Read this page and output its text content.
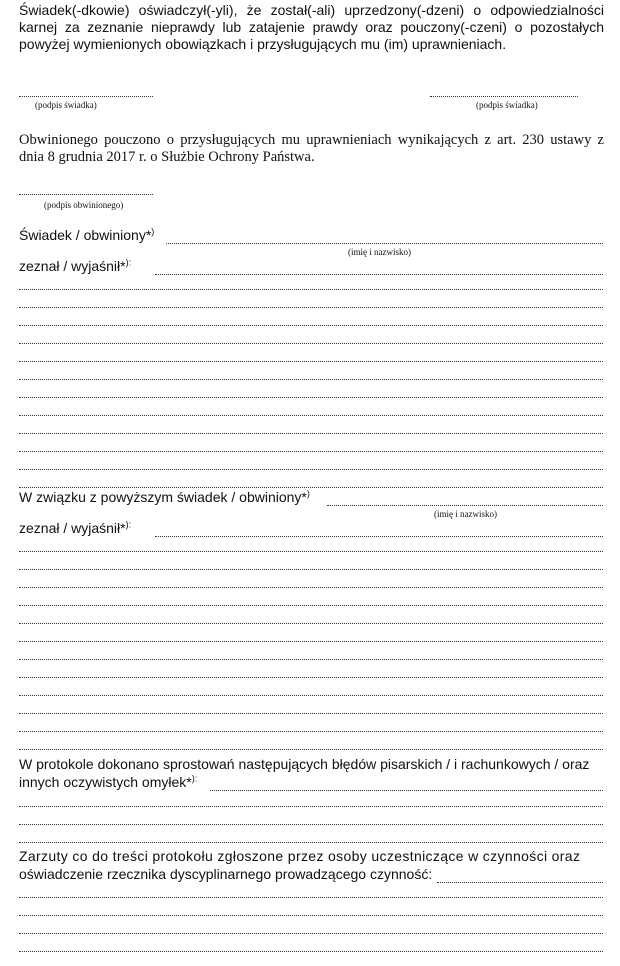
Świadek(-dkowie) oświadczył(-yli), że został(-ali) uprzedzony(-dzeni) o odpowiedzialności karnej za zeznanie nieprawdy lub zatajenie prawdy oraz pouczony(-czeni) o pozostałych powyżej wymienionych obowiązkach i przysługujących mu (im) uprawnieniach.
(podpis świadka)	(podpis świadka)
Obwinionego pouczono o przysługujących mu uprawnieniach wynikających z art. 230 ustawy z dnia 8 grudnia 2017 r. o Służbie Ochrony Państwa.
(podpis obwinionego)
Świadek / obwiniony*)
(imię i nazwisko)
zeznał / wyjaśnił*):
W związku z powyższym świadek / obwiniony*)
(imię i nazwisko)
zeznał / wyjaśnił*):
W protokole dokonano sprostowań następujących błędów pisarskich / i rachunkowych / oraz
innych oczywistych omyłek*):
Zarzuty co do treści protokołu zgłoszone przez osoby uczestniczące w czynności oraz
oświadczenie rzecznika dyscyplinarnego prowadzącego czynność:
